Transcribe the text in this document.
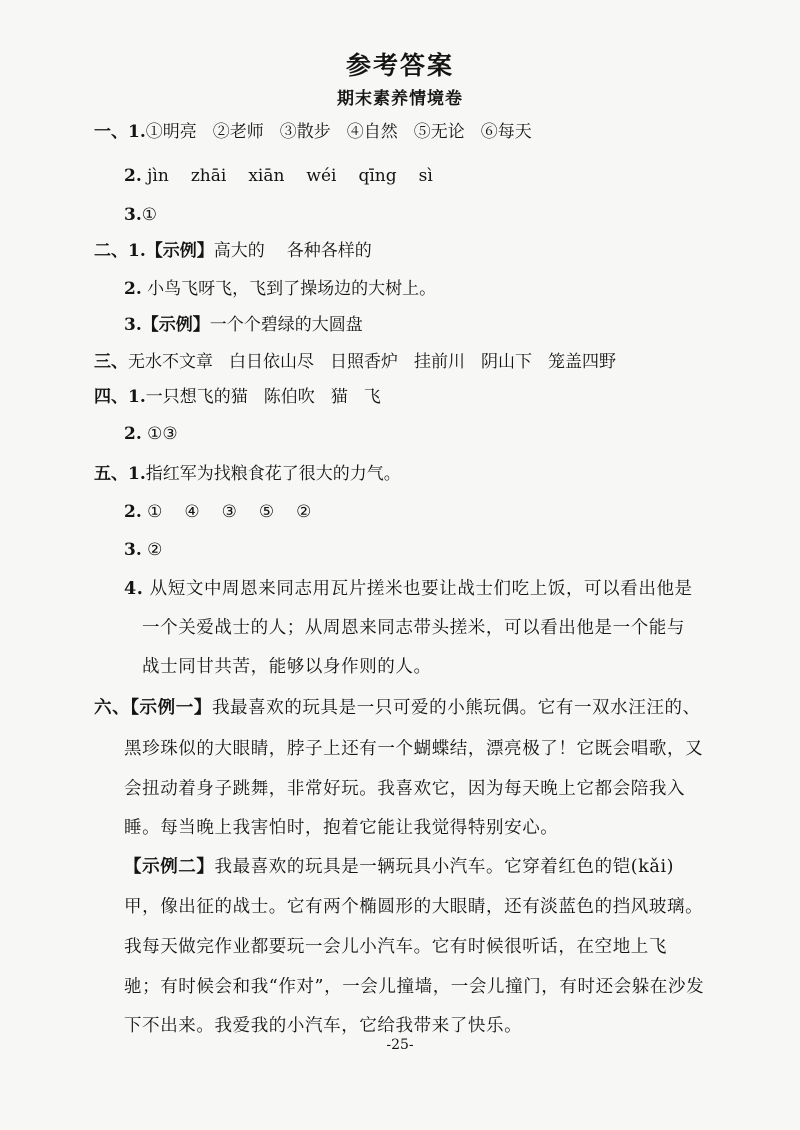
参考答案
期末素养情境卷
一、1.①明亮 ②老师 ③散步 ④自然 ⑤无论 ⑥每天
2. jìn zhāi xiān wéi qīng sì
3.①
二、1.【示例】高大的 各种各样的
2. 小鸟飞呀飞，飞到了操场边的大树上。
3.【示例】一个个碧绿的大圆盘
三、无水不文章 白日依山尽 日照香炉 挂前川 阴山下 笼盖四野
四、1.一只想飞的猫 陈伯吹 猫 飞
2. ①③
五、1.指红军为找粮食花了很大的力气。
2. ① ④ ③ ⑤ ②
3. ②
4. 从短文中周恩来同志用瓦片搓米也要让战士们吃上饭，可以看出他是
一个关爱战士的人；从周恩来同志带头搓米，可以看出他是一个能与
战士同甘共苦，能够以身作则的人。
六、【示例一】我最喜欢的玩具是一只可爱的小熊玩偶。它有一双水汪汪的、
黑珍珠似的大眼睛，脖子上还有一个蝴蝶结，漂亮极了！它既会唱歌，又
会扭动着身子跳舞，非常好玩。我喜欢它，因为每天晚上它都会陪我入
睡。每当晚上我害怕时，抱着它能让我觉得特别安心。
【示例二】我最喜欢的玩具是一辆玩具小汽车。它穿着红色的铠(kǎi)
甲，像出征的战士。它有两个椭圆形的大眼睛，还有淡蓝色的挡风玻璃。
我每天做完作业都要玩一会儿小汽车。它有时候很听话，在空地上飞
驰；有时候会和我“作对”，一会儿撞墙，一会儿撞门，有时还会躲在沙发
下不出来。我爱我的小汽车，它给我带来了快乐。
-25-
